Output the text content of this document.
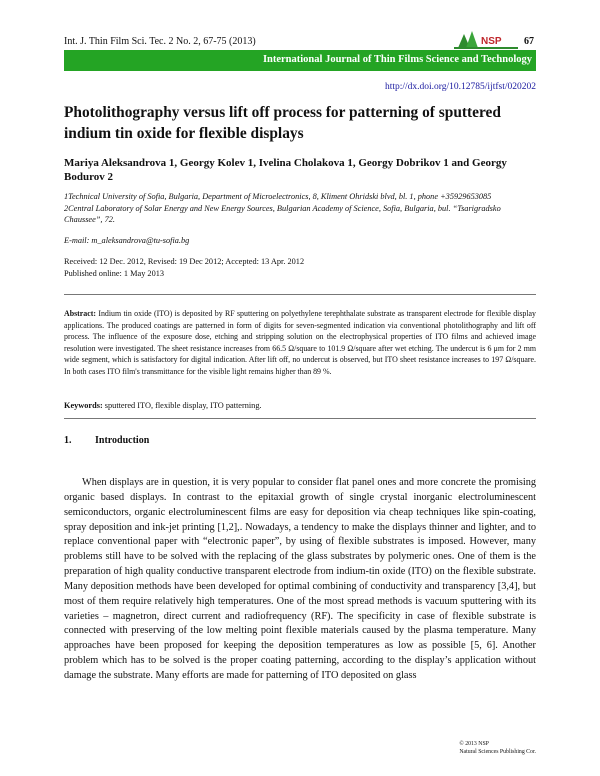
Int. J. Thin Film Sci. Tec. 2 No. 2, 67-75 (2013)	NSP 67
International Journal of Thin Films Science and Technology
http://dx.doi.org/10.12785/ijtfst/020202
Photolithography versus lift off process for patterning of sputtered indium tin oxide for flexible displays
Mariya Aleksandrova 1, Georgy Kolev 1, Ivelina Cholakova 1, Georgy Dobrikov 1 and Georgy Bodurov 2
1Technical University of Sofia, Bulgaria, Department of Microelectronics, 8, Kliment Ohridski blvd, bl. 1, phone +35929653085
2Central Laboratory of Solar Energy and New Energy Sources, Bulgarian Academy of Science, Sofia, Bulgaria, bul. “Tsarigradsko Chaussee”, 72.
E-mail: m_aleksandrova@tu-sofia.bg
Received: 12 Dec. 2012, Revised: 19 Dec 2012; Accepted: 13 Apr. 2012
Published online: 1 May 2013
Abstract: Indium tin oxide (ITO) is deposited by RF sputtering on polyethylene terephthalate substrate as transparent electrode for flexible display applications. The produced coatings are patterned in form of digits for seven-segmented indication via conventional photolithography and lift off process. The influence of the exposure dose, etching and stripping solution on the electrophysical properties of ITO films and achieved image resolution were investigated. The sheet resistance increases from 66.5 Ω/square to 101.9 Ω/square after wet etching. The undercut is 6 μm for 2 mm wide segment, which is satisfactory for digital indication. After lift off, no undercut is observed, but ITO sheet resistance increases to 197 Ω/square. In both cases ITO film's transmittance for the visible light remains higher than 89 %.
Keywords: sputtered ITO, flexible display, ITO patterning.
1. Introduction
When displays are in question, it is very popular to consider flat panel ones and more concrete the promising organic based displays. In contrast to the epitaxial growth of single crystal inorganic electroluminescent semiconductors, organic electroluminescent films are easy for deposition via cheap techniques like spin-coating, spray deposition and ink-jet printing [1,2],. Nowadays, a tendency to make the displays thinner and lighter, and to replace conventional paper with “electronic paper”, by using of flexible substrates is imposed. However, many problems still have to be solved with the replacing of the glass substrates by polymeric ones. One of them is the preparation of high quality conductive transparent electrode from indium-tin oxide (ITO) on the flexible substrate. Many deposition methods have been developed for optimal combining of conductivity and transparency [3,4], but most of them require relatively high temperatures. One of the most spread methods is vacuum sputtering with its varieties – magnetron, direct current and radiofrequency (RF). The specificity in case of flexible substrate is connected with preserving of the low melting point flexible materials caused by the plasma temperature. Many approaches have been proposed for keeping the deposition temperatures as low as possible [5, 6]. Another problem which has to be solved is the proper coating patterning, according to the display’s application without damage the substrate. Many efforts are made for patterning of ITO deposited on glass
© 2013 NSP
Natural Sciences Publishing Cor.
